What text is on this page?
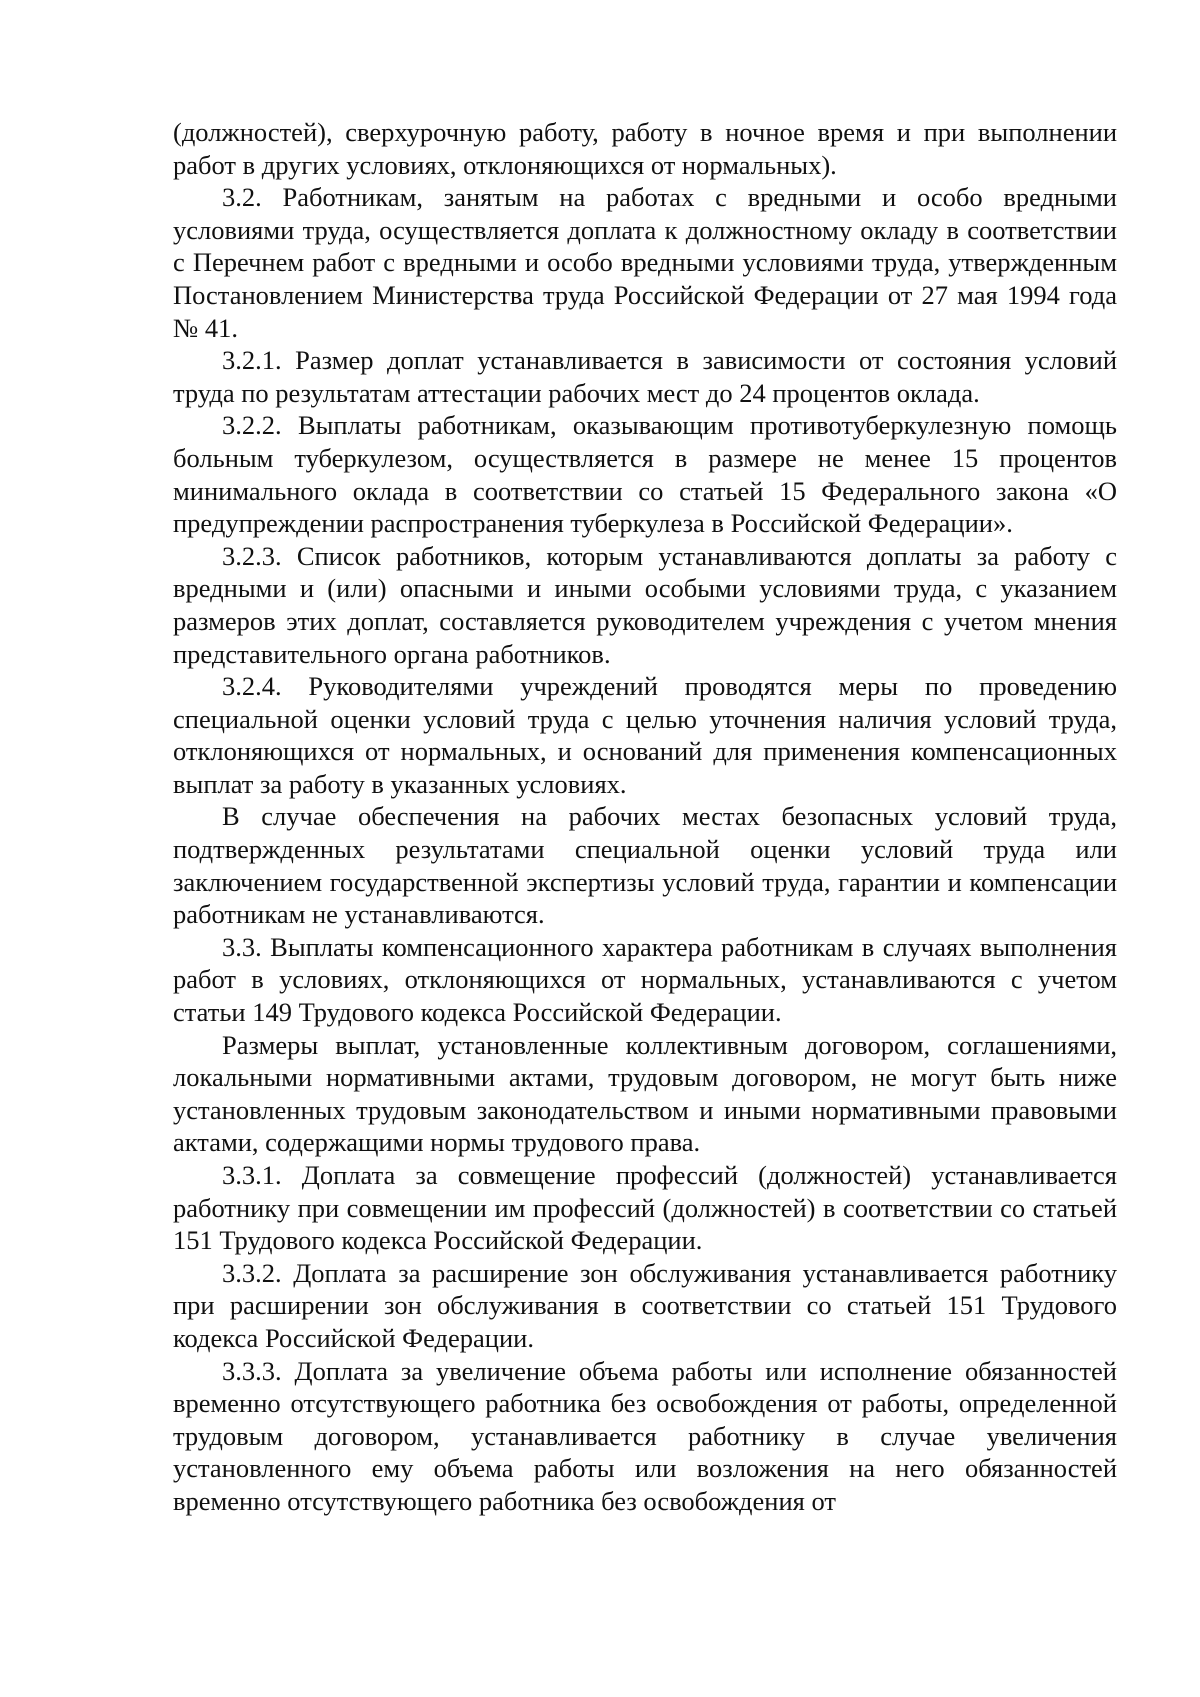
(должностей), сверхурочную работу, работу в ночное время и при выполнении работ в других условиях, отклоняющихся от нормальных).

3.2. Работникам, занятым на работах с вредными и особо вредными условиями труда, осуществляется доплата к должностному окладу в соответствии с Перечнем работ с вредными и особо вредными условиями труда, утвержденным Постановлением Министерства труда Российской Федерации от 27 мая 1994 года № 41.

3.2.1. Размер доплат устанавливается в зависимости от состояния условий труда по результатам аттестации рабочих мест до 24 процентов оклада.

3.2.2. Выплаты работникам, оказывающим противотуберкулезную помощь больным туберкулезом, осуществляется в размере не менее 15 процентов минимального оклада в соответствии со статьей 15 Федерального закона «О предупреждении распространения туберкулеза в Российской Федерации».

3.2.3. Список работников, которым устанавливаются доплаты за работу с вредными и (или) опасными и иными особыми условиями труда, с указанием размеров этих доплат, составляется руководителем учреждения с учетом мнения представительного органа работников.

3.2.4. Руководителями учреждений проводятся меры по проведению специальной оценки условий труда с целью уточнения наличия условий труда, отклоняющихся от нормальных, и оснований для применения компенсационных выплат за работу в указанных условиях.

В случае обеспечения на рабочих местах безопасных условий труда, подтвержденных результатами специальной оценки условий труда или заключением государственной экспертизы условий труда, гарантии и компенсации работникам не устанавливаются.

3.3. Выплаты компенсационного характера работникам в случаях выполнения работ в условиях, отклоняющихся от нормальных, устанавливаются с учетом статьи 149 Трудового кодекса Российской Федерации.

Размеры выплат, установленные коллективным договором, соглашениями, локальными нормативными актами, трудовым договором, не могут быть ниже установленных трудовым законодательством и иными нормативными правовыми актами, содержащими нормы трудового права.

3.3.1. Доплата за совмещение профессий (должностей) устанавливается работнику при совмещении им профессий (должностей) в соответствии со статьей 151 Трудового кодекса Российской Федерации.

3.3.2. Доплата за расширение зон обслуживания устанавливается работнику при расширении зон обслуживания в соответствии со статьей 151 Трудового кодекса Российской Федерации.

3.3.3. Доплата за увеличение объема работы или исполнение обязанностей временно отсутствующего работника без освобождения от работы, определенной трудовым договором, устанавливается работнику в случае увеличения установленного ему объема работы или возложения на него обязанностей временно отсутствующего работника без освобождения от
